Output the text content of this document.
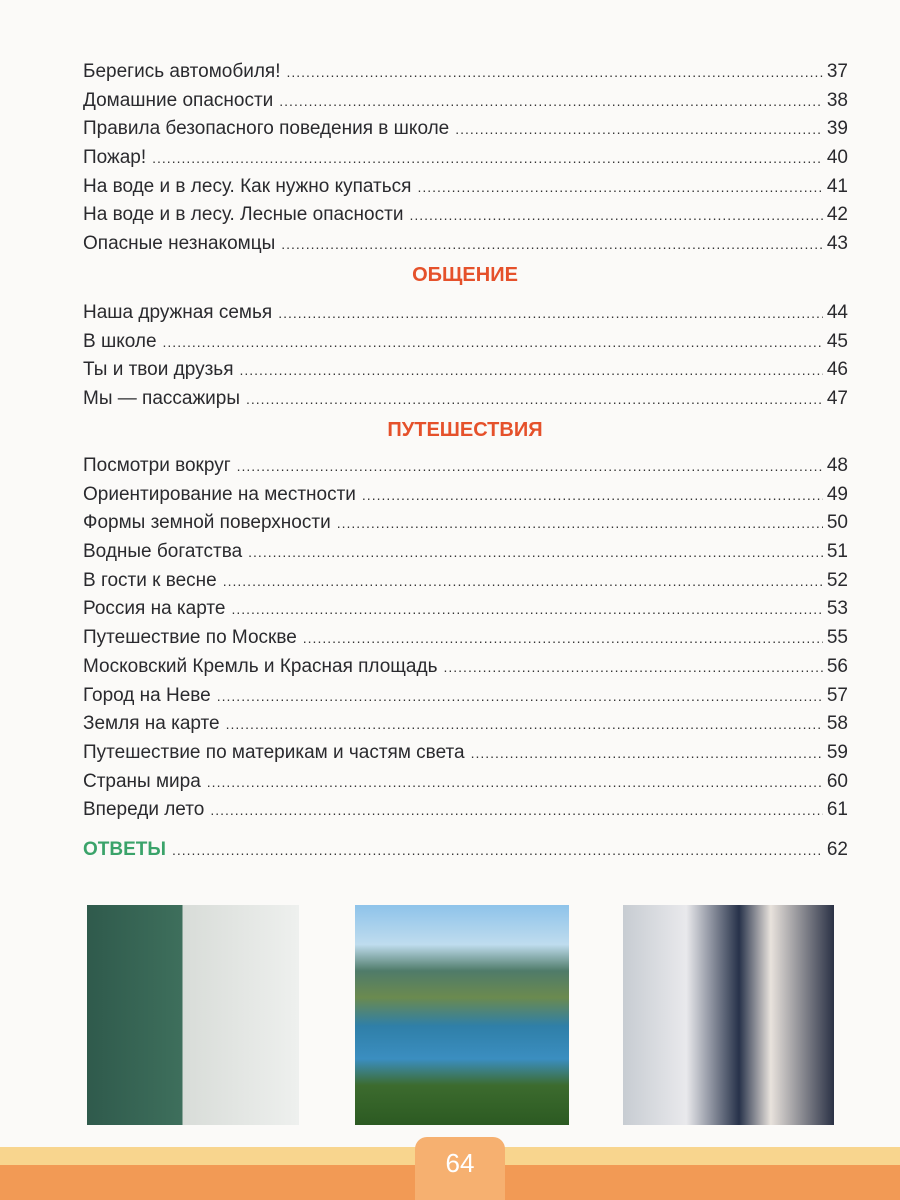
Берегись автомобиля! .....	37
Домашние опасности .....	38
Правила безопасного поведения в школе .....	39
Пожар! .....	40
На воде и в лесу. Как нужно купаться .....	41
На воде и в лесу. Лесные опасности .....	42
Опасные незнакомцы .....	43
ОБЩЕНИЕ
Наша дружная семья .....	44
В школе .....	45
Ты и твои друзья .....	46
Мы — пассажиры .....	47
ПУТЕШЕСТВИЯ
Посмотри вокруг .....	48
Ориентирование на местности .....	49
Формы земной поверхности .....	50
Водные богатства .....	51
В гости к весне .....	52
Россия на карте .....	53
Путешествие по Москве .....	55
Московский Кремль и Красная площадь .....	56
Город на Неве .....	57
Земля на карте .....	58
Путешествие по материкам и частям света .....	59
Страны мира .....	60
Впереди лето .....	61
ОТВЕТЫ .....	62
64
